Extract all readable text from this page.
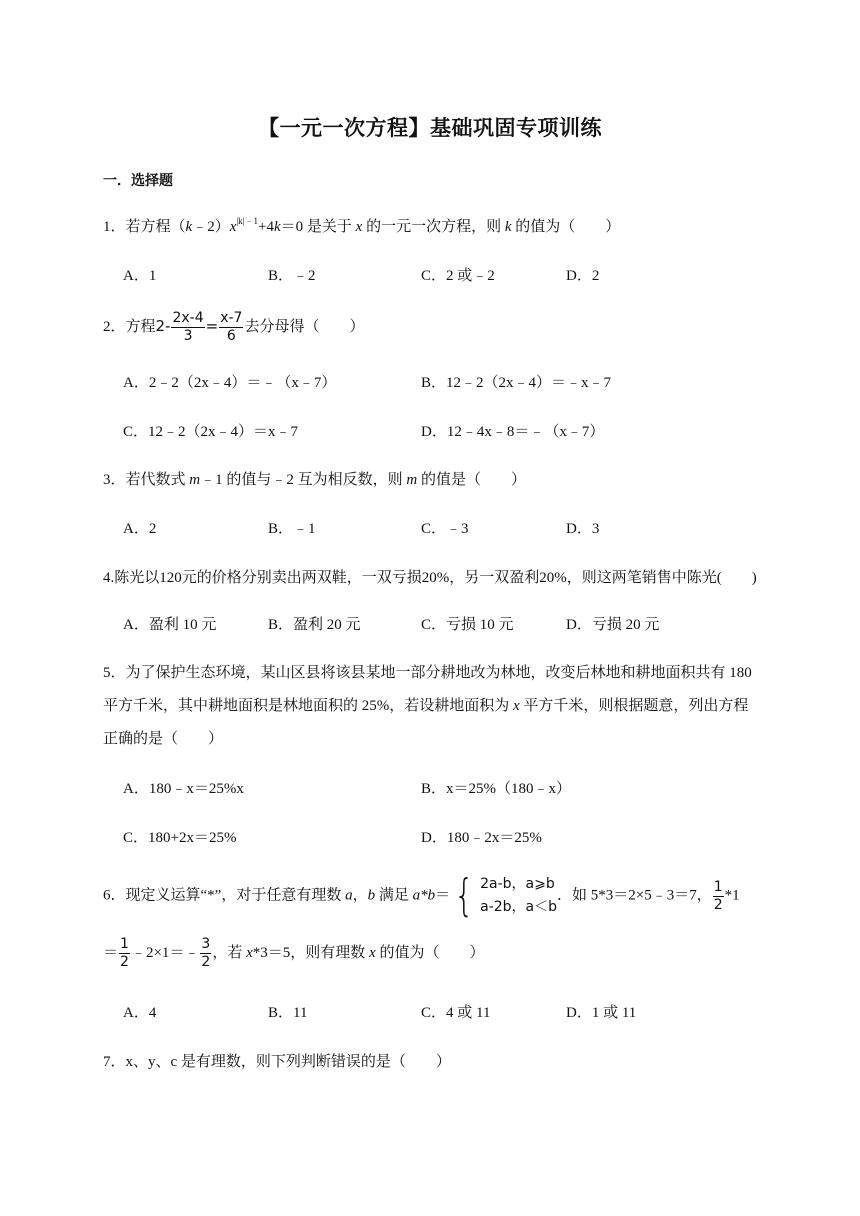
【一元一次方程】基础巩固专项训练
一．选择题
1．若方程$(k﹣2)x^{|k|﹣1}+4k=0$ 是关于 x 的一元一次方程，则 k 的值为（　　）
A．1	B．﹣2	C．2 或﹣2	D．2
2．方程$2- \frac{2x-4}{3} = \frac{x-7}{6}$ 去分母得（　　）
A．2﹣2（2x﹣4）＝﹣（x﹣7）	B．12﹣2（2x﹣4）＝﹣x﹣7
C．12﹣2（2x﹣4）＝x﹣7	D．12﹣4x﹣8＝﹣（x﹣7）
3．若代数式 m﹣1 的值与﹣2 互为相反数，则 m 的值是（　　）
A．2	B．﹣1	C．﹣3	D．3
4.陈光以120元的价格分别卖出两双鞋，一双亏损20%，另一双盈利20%，则这两笔销售中陈光(　　)
A．盈利 10 元	B．盈利 20 元	C．亏损 10 元	D．亏损 20 元
5．为了保护生态环境，某山区县将该县某地一部分耕地改为林地，改变后林地和耕地面积共有 180 平方千米，其中耕地面积是林地面积的 25%，若设耕地面积为 x 平方千米，则根据题意，列出方程正确的是（　　）
A．180﹣x＝25%x	B．x＝25%（180﹣x）
C．180+2x＝25%	D．180﹣2x＝25%
6．现定义运算“*”，对于任意有理数 a，b 满足 a*b＝ { 2a-b，a⩾b
a-2b，a＜b
．如 5*3＝2×5﹣3＝7， $\frac{1}{2} *1$
＝ $\frac{1}{2}$ ﹣2×1＝﹣ $\frac{3}{2}$ ，若 x*3＝5，则有理数 x 的值为（　　）
A．4	B．11	C．4 或 11	D．1 或 11
7．x、y、c 是有理数，则下列判断错误的是（　　）
